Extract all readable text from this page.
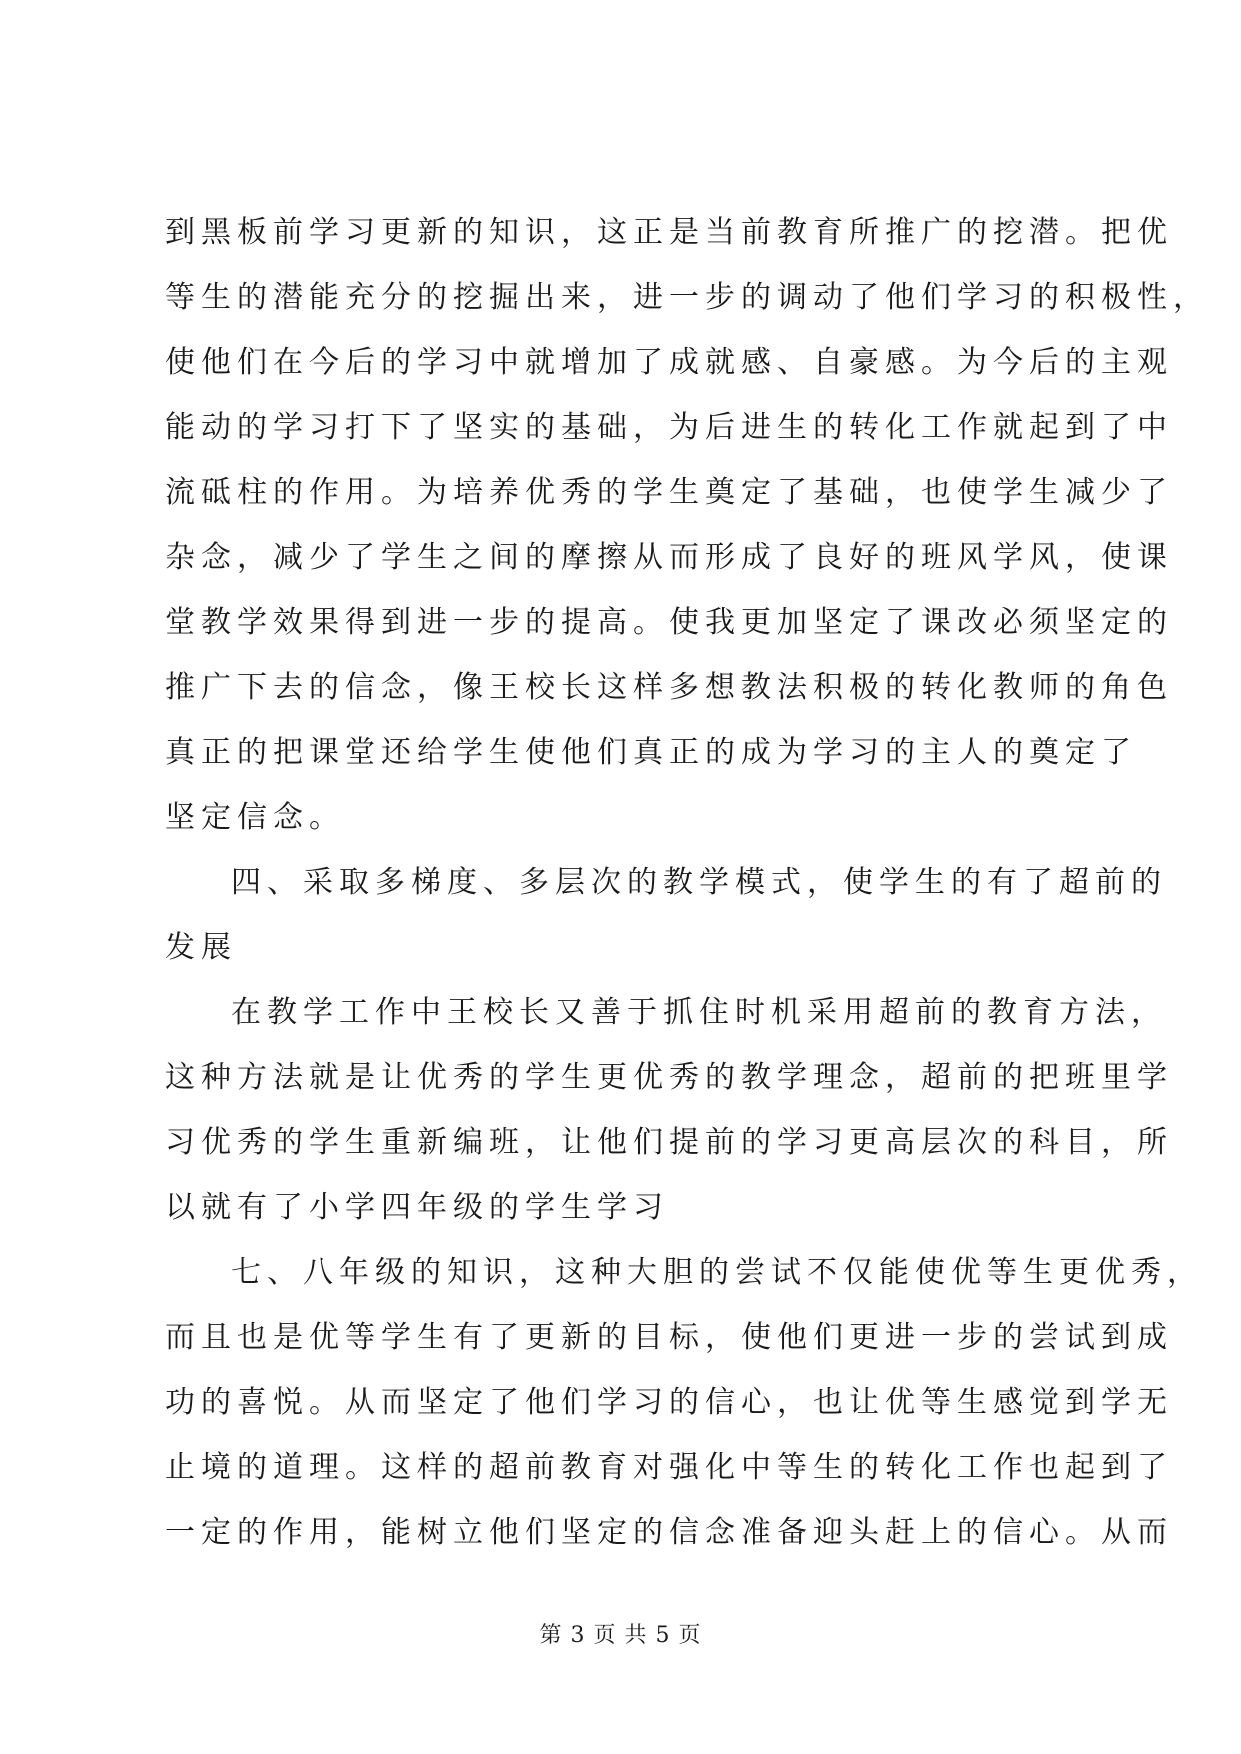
到黑板前学习更新的知识，这正是当前教育所推广的挖潜。把优
等生的潜能充分的挖掘出来，进一步的调动了他们学习的积极性，
使他们在今后的学习中就增加了成就感、自豪感。为今后的主观
能动的学习打下了坚实的基础，为后进生的转化工作就起到了中
流砥柱的作用。为培养优秀的学生奠定了基础，也使学生减少了
杂念，减少了学生之间的摩擦从而形成了良好的班风学风，使课
堂教学效果得到进一步的提高。使我更加坚定了课改必须坚定的
推广下去的信念，像王校长这样多想教法积极的转化教师的角色
真正的把课堂还给学生使他们真正的成为学习的主人的奠定了
坚定信念。
四、采取多梯度、多层次的教学模式，使学生的有了超前的
发展
在教学工作中王校长又善于抓住时机采用超前的教育方法，
这种方法就是让优秀的学生更优秀的教学理念，超前的把班里学
习优秀的学生重新编班，让他们提前的学习更高层次的科目，所
以就有了小学四年级的学生学习
七、八年级的知识，这种大胆的尝试不仅能使优等生更优秀，
而且也是优等学生有了更新的目标，使他们更进一步的尝试到成
功的喜悦。从而坚定了他们学习的信心，也让优等生感觉到学无
止境的道理。这样的超前教育对强化中等生的转化工作也起到了
一定的作用，能树立他们坚定的信念准备迎头赶上的信心。从而
第 3 页 共 5 页
